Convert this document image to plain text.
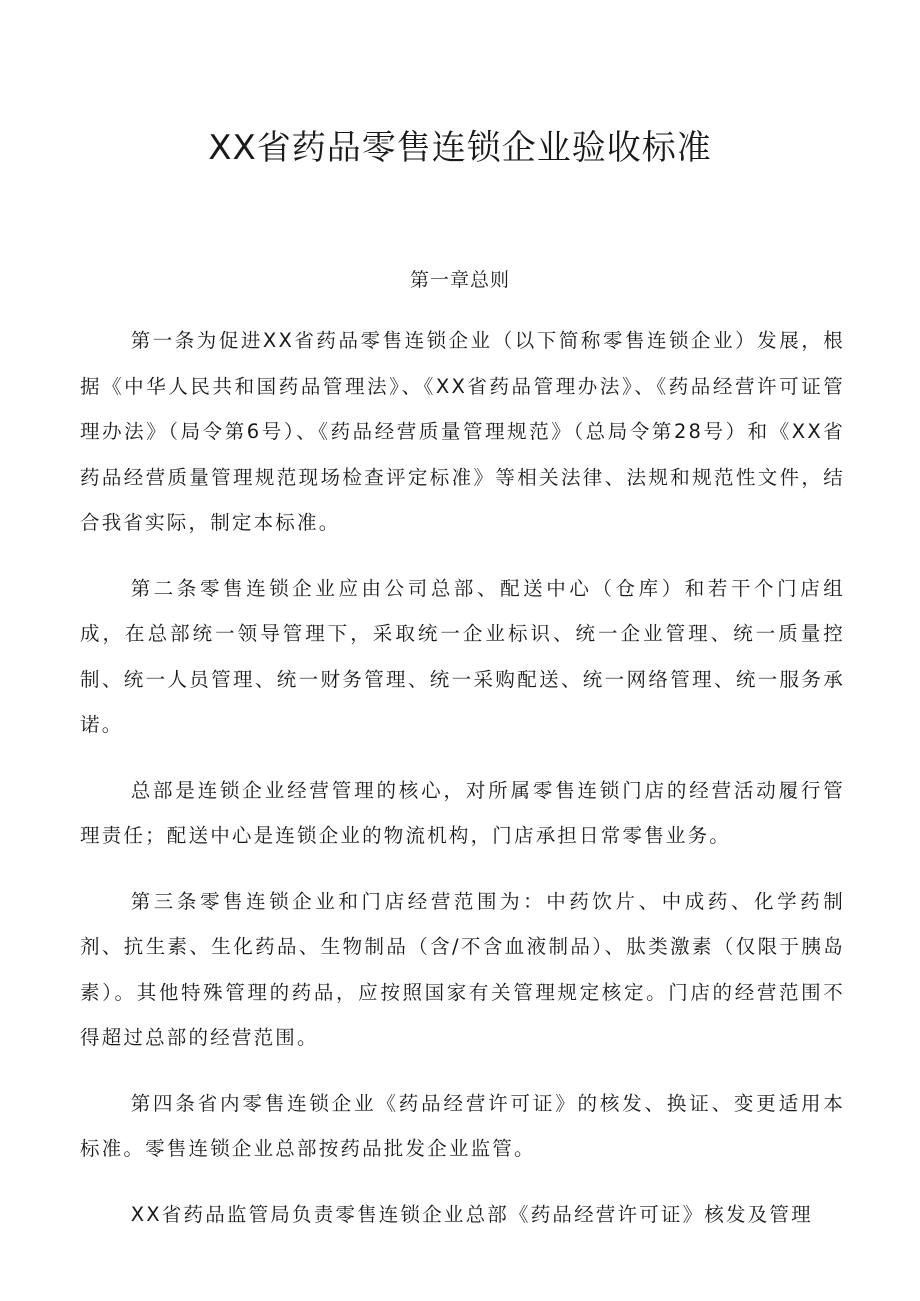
XX省药品零售连锁企业验收标准
第一章总则

第一条为促进XX省药品零售连锁企业（以下简称零售连锁企业）发展，根据《中华人民共和国药品管理法》、《XX省药品管理办法》、《药品经营许可证管理办法》（局令第6号）、《药品经营质量管理规范》（总局令第28号）和《XX省药品经营质量管理规范现场检查评定标准》等相关法律、法规和规范性文件，结合我省实际，制定本标准。

第二条零售连锁企业应由公司总部、配送中心（仓库）和若干个门店组成，在总部统一领导管理下，采取统一企业标识、统一企业管理、统一质量控制、统一人员管理、统一财务管理、统一采购配送、统一网络管理、统一服务承诺。

总部是连锁企业经营管理的核心，对所属零售连锁门店的经营活动履行管理责任；配送中心是连锁企业的物流机构，门店承担日常零售业务。

第三条零售连锁企业和门店经营范围为：中药饮片、中成药、化学药制剂、抗生素、生化药品、生物制品（含/不含血液制品）、肽类激素（仅限于胰岛素）。其他特殊管理的药品，应按照国家有关管理规定核定。门店的经营范围不得超过总部的经营范围。

第四条省内零售连锁企业《药品经营许可证》的核发、换证、变更适用本标准。零售连锁企业总部按药品批发企业监管。

XX省药品监管局负责零售连锁企业总部《药品经营许可证》核发及管理
